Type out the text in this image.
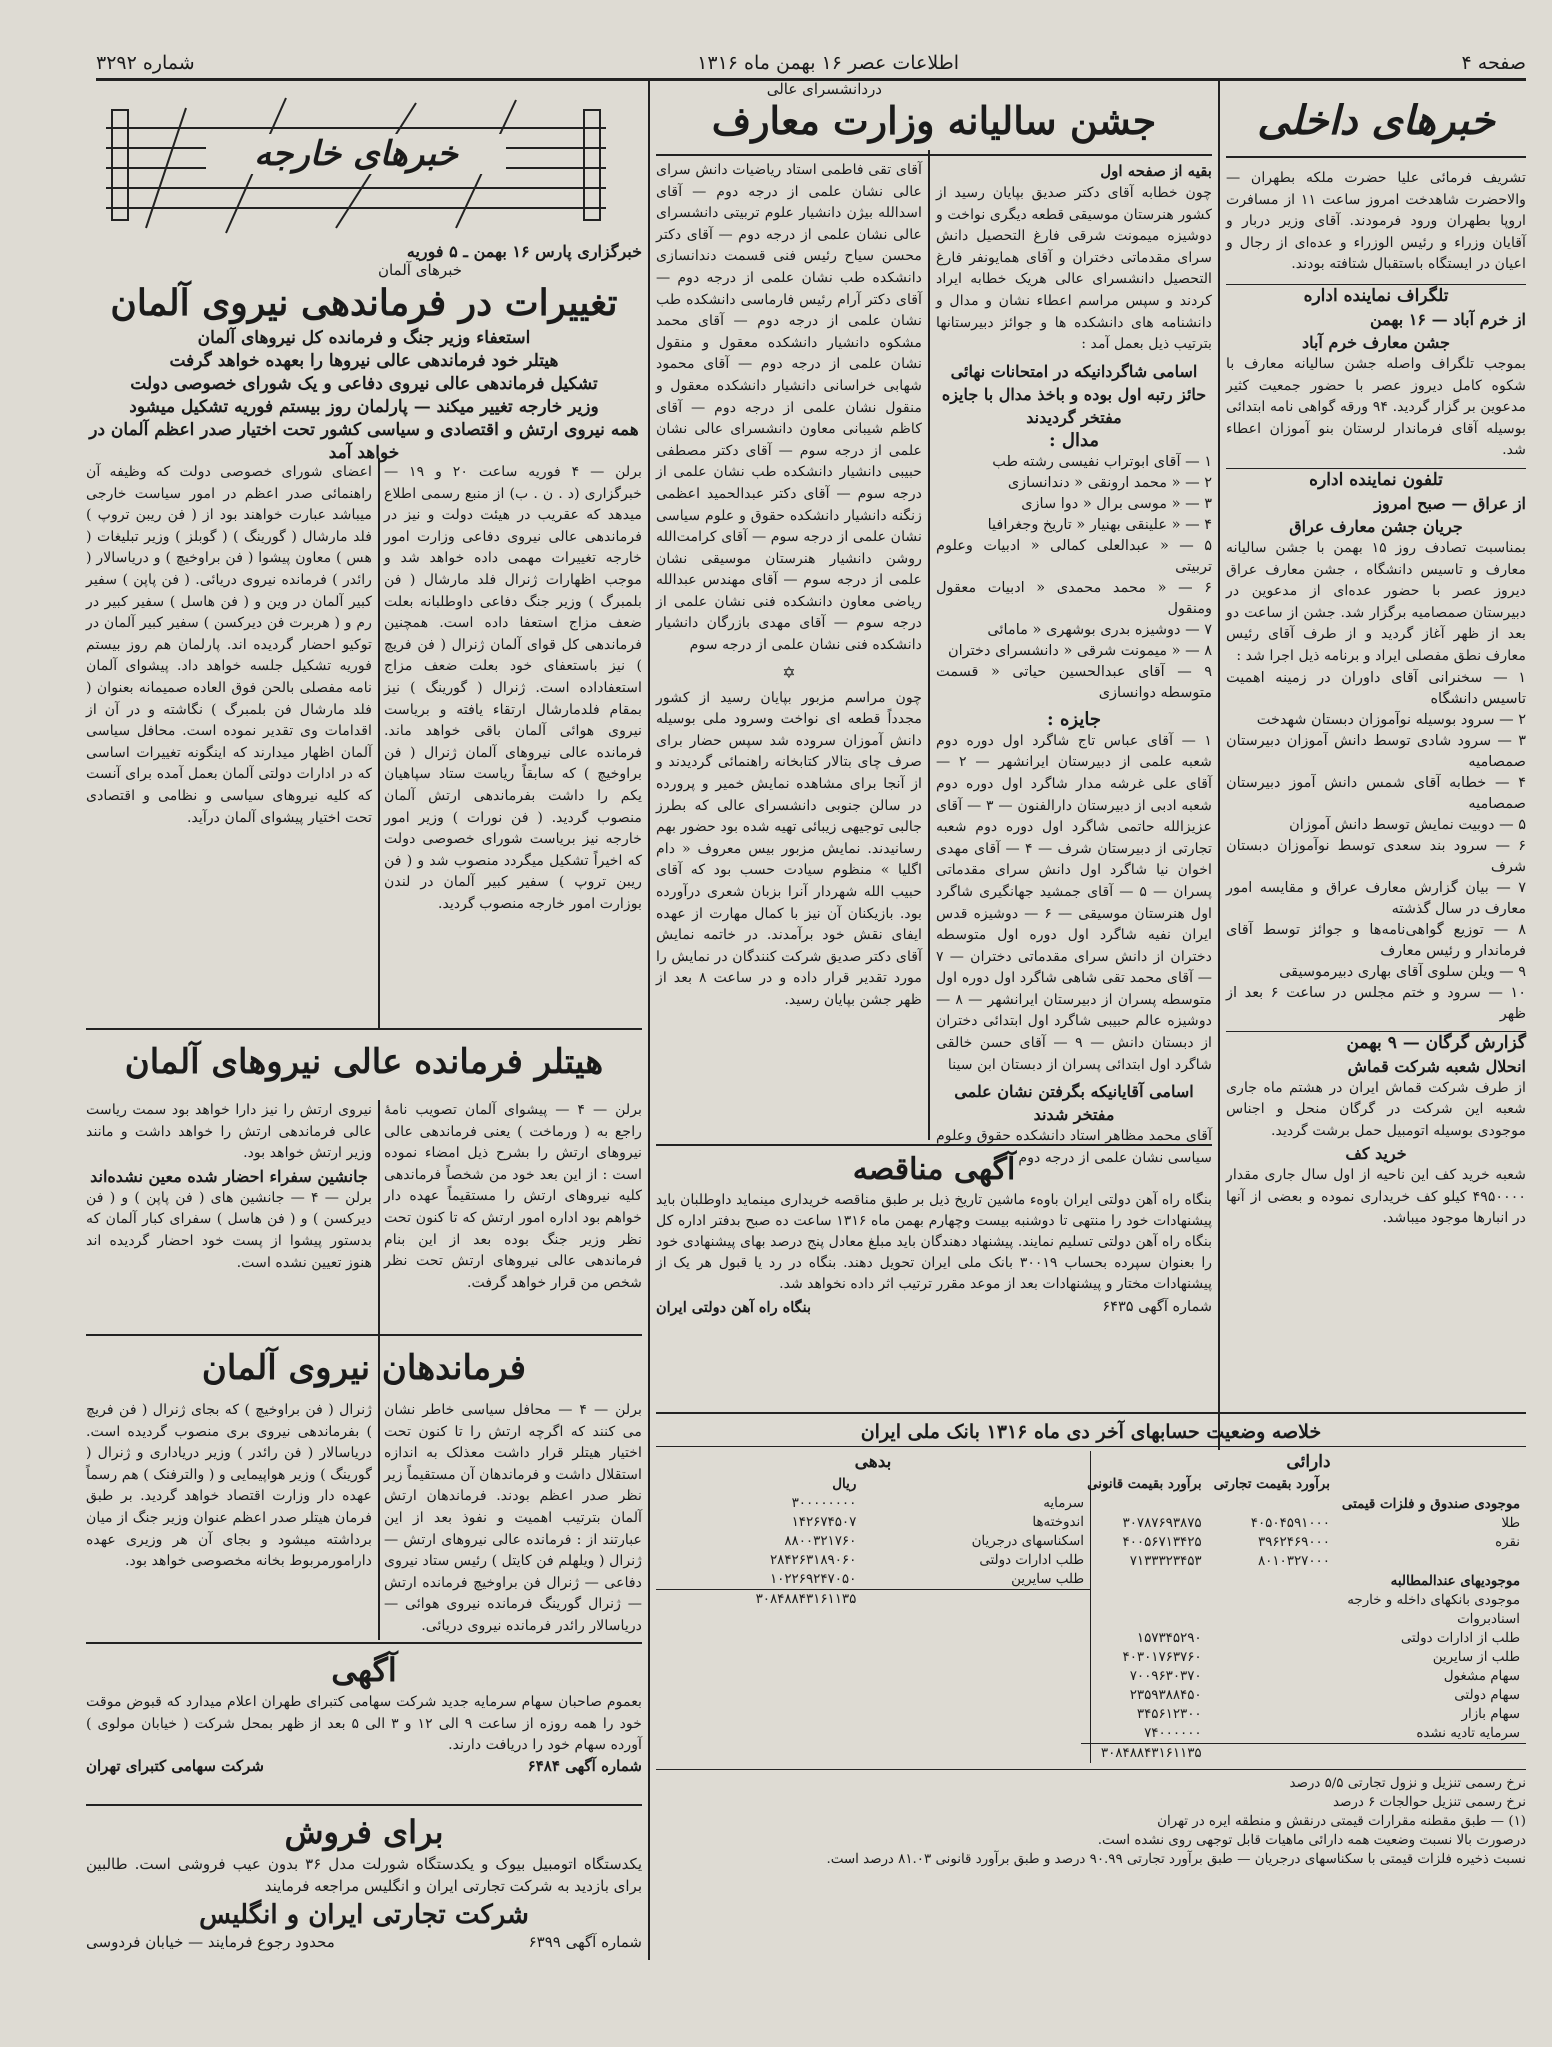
صفحه ۴
اطلاعات عصر ۱۶ بهمن ماه ۱۳۱۶
شماره ۳۲۹۲
خبرهای داخلی
تشریف فرمائی علیا حضرت ملکه بطهران — والاحضرت شاهدخت امروز ساعت ۱۱ از مسافرت اروپا بطهران ورود فرمودند. آقای وزیر دربار و آقایان وزراء و رئیس الوزراء و عده‌ای از رجال و اعیان در ایستگاه باستقبال شتافته بودند.
تلگراف نماینده اداره
از خرم آباد — ۱۶ بهمن
جشن معارف خرم آباد
بموجب تلگراف واصله جشن سالیانه معارف با شکوه کامل دیروز عصر با حضور جمعیت کثیر مدعوین بر گزار گردید. ۹۴ ورقه گواهی نامه ابتدائی بوسیله آقای فرماندار لرستان بنو آموزان اعطاء شد.
تلفون نماینده اداره
از عراق — صبح امروز
جریان جشن معارف عراق
بمناسبت تصادف روز ۱۵ بهمن با جشن سالیانه معارف و تاسیس دانشگاه ، جشن معارف عراق دیروز عصر با حضور عده‌ای از مدعوین در دبیرستان صمصامیه برگزار شد. جشن از ساعت دو بعد از ظهر آغاز گردید و از طرف آقای رئیس معارف نطق مفصلی ایراد و برنامه ذیل اجرا شد :
۱ — سخنرانی آقای داوران در زمینه اهمیت تاسیس دانشگاه
۲ — سرود بوسیله نوآموزان دبستان شهدخت
۳ — سرود شادی توسط دانش آموزان دبیرستان صمصامیه
۴ — خطابه آقای شمس دانش آموز دبیرستان صمصامیه
۵ — دوبیت نمایش توسط دانش آموزان
۶ — سرود بند سعدی توسط نوآموزان دبستان شرف
۷ — بیان گزارش معارف عراق و مقایسه امور معارف در سال گذشته
۸ — توزیع گواهی‌نامه‌ها و جوائز توسط آقای فرماندار و رئیس معارف
۹ — ویلن سلوی آقای بهاری دبیرموسیقی
۱۰ — سرود و ختم مجلس در ساعت ۶ بعد از ظهر
گزارش گرگان — ۹ بهمن
انحلال شعبه شرکت قماش
از طرف شرکت قماش ایران در هشتم ماه جاری شعبه این شرکت در گرگان منحل و اجناس موجودی بوسیله اتومبیل حمل برشت گردید.
خرید کف
شعبه خرید کف این ناحیه از اول سال جاری مقدار ۴۹۵۰۰۰۰ کیلو کف خریداری نموده و بعضی از آنها در انبارها موجود میباشد.
دردانشسرای عالی
جشن سالیانه وزارت معارف
بقیه از صفحه اول
چون خطابه آقای دکتر صدیق بپایان رسید از کشور هنرستان موسیقی قطعه دیگری نواخت و دوشیزه میمونت شرقی فارغ التحصیل دانش سرای مقدماتی دختران و آقای همایونفر فارغ التحصیل دانشسرای عالی هریک خطابه ایراد کردند و سپس مراسم اعطاء نشان و مدال و دانشنامه های دانشکده ها و جوائز دبیرستانها بترتیب ذیل بعمل آمد :
اسامی شاگردانیکه در امتحانات نهائی حائز رتبه اول بوده و باخذ مدال با جایزه مفتخر گردیدند
مدال :
۱ — آقای ابوتراب نفیسی رشته طب
۲ — « محمد ارونقی « دندانسازی
۳ — « موسی برال « دوا سازی
۴ — « علینقی بهنیار « تاریخ وجغرافیا
۵ — « عبدالعلی کمالی « ادبیات وعلوم تربیتی
۶ — « محمد محمدی « ادبیات معقول ومنقول
۷ — دوشیزه بدری بوشهری « مامائی
۸ — « میمونت شرقی « دانشسرای دختران
۹ — آقای عبدالحسین حیاتی « قسمت متوسطه دوانسازی
جایزه :
۱ — آقای عباس تاج شاگرد اول دوره دوم شعبه علمی از دبیرستان ایرانشهر — ۲ — آقای علی غرشه مدار شاگرد اول دوره دوم شعبه ادبی از دبیرستان دارالفنون — ۳ — آقای عزیزالله حاتمی شاگرد اول دوره دوم شعبه تجارتی از دبیرستان شرف — ۴ — آقای مهدی اخوان نیا شاگرد اول دانش سرای مقدماتی پسران — ۵ — آقای جمشید جهانگیری شاگرد اول هنرستان موسیقی — ۶ — دوشیزه قدس ایران نفیه شاگرد اول دوره اول متوسطه دختران از دانش سرای مقدماتی دختران — ۷ — آقای محمد تقی شاهی شاگرد اول دوره اول متوسطه پسران از دبیرستان ایرانشهر — ۸ — دوشیزه عالم حبیبی شاگرد اول ابتدائی دختران از دبستان دانش — ۹ — آقای حسن خالقی شاگرد اول ابتدائی پسران از دبستان ابن سینا
اسامی آقایانیکه بگرفتن نشان علمی مفتخر شدند
آقای محمد مظاهر استاد دانشکده حقوق وعلوم سیاسی نشان علمی از درجه دوم
آقای تقی فاطمی استاد ریاضیات دانش سرای عالی نشان علمی از درجه دوم — آقای اسدالله بیژن دانشیار علوم تربیتی دانشسرای عالی نشان علمی از درجه دوم — آقای دکتر محسن سیاح رئیس فنی قسمت دندانسازی دانشکده طب نشان علمی از درجه دوم — آقای دکتر آرام رئیس فارماسی دانشکده طب نشان علمی از درجه دوم — آقای محمد مشکوه دانشیار دانشکده معقول و منقول نشان علمی از درجه دوم — آقای محمود شهابی خراسانی دانشیار دانشکده معقول و منقول نشان علمی از درجه دوم — آقای کاظم شیبانی معاون دانشسرای عالی نشان علمی از درجه سوم — آقای دکتر مصطفی حبیبی دانشیار دانشکده طب نشان علمی از درجه سوم — آقای دکتر عبدالحمید اعظمی زنگنه دانشیار دانشکده حقوق و علوم سیاسی نشان علمی از درجه سوم — آقای کرامت‌الله روشن دانشیار هنرستان موسیقی نشان علمی از درجه سوم — آقای مهندس عبدالله ریاضی معاون دانشکده فنی نشان علمی از درجه سوم — آقای مهدی بازرگان دانشیار دانشکده فنی نشان علمی از درجه سوم
✡
چون مراسم مزبور بپایان رسید از کشور مجدداً قطعه ای نواخت وسرود ملی بوسیله دانش آموزان سروده شد سپس حضار برای صرف چای بتالار کتابخانه راهنمائی گردیدند و از آنجا برای مشاهده نمایش خمیر و پرورده در سالن جنوبی دانشسرای عالی که بطرز جالبی توجیهی زیبائی تهیه شده بود حضور بهم رسانیدند. نمایش مزبور بیس معروف « دام اگلیا » منظوم سیادت حسب بود که آقای حبیب الله شهردار آنرا بزبان شعری درآورده بود. بازیکنان آن نیز با کمال مهارت از عهده ایفای نقش خود برآمدند. در خاتمه نمایش آقای دکتر صدیق شرکت کنندگان در نمایش را مورد تقدیر قرار داده و در ساعت ۸ بعد از ظهر جشن بپایان رسید.
آگهی مناقصه
بنگاه راه آهن دولتی ایران باوهء ماشین تاریخ ذیل بر طبق مناقصه خریداری مینماید داوطلبان باید پیشنهادات خود را منتهی تا دوشنبه بیست وچهارم بهمن ماه ۱۳۱۶ ساعت ده صبح بدفتر اداره کل بنگاه راه آهن دولتی تسلیم نمایند. پیشنهاد دهندگان باید مبلغ معادل پنج درصد بهای پیشنهادی خود را بعنوان سپرده بحساب ۳۰۰۱۹ بانک ملی ایران تحویل دهند. بنگاه در رد یا قبول هر یک از پیشنهادات مختار و پیشنهادات بعد از موعد مقرر ترتیب اثر داده نخواهد شد.
شماره آگهی ۶۴۳۵
بنگاه راه آهن دولتی ایران
خلاصه وضعیت حسابهای آخر دی ماه ۱۳۱۶ بانک ملی ایران
دارائی
	برآورد بقیمت تجارتی	برآورد بقیمت قانونی
موجودی صندوق و فلزات قیمتی		
طلا	۴۰۵۰۴۵۹۱۰۰۰	۳۰۷۸۷۶۹۳۸۷۵
نقره	۳۹۶۲۴۶۹۰۰۰	۴۰۰۵۶۷۱۳۴۲۵
	۸۰۱۰۳۲۷۰۰۰	۷۱۳۳۳۲۳۴۵۳
موجودیهای عندالمطالبه		
موجودی بانکهای داخله و خارجه		
اسنادبروات		
طلب از ادارات دولتی		۱۵۷۳۴۵۲۹۰
طلب از سایرین		۴۰۳۰۱۷۶۳۷۶۰
سهام مشغول		۷۰۰۹۶۳۰۳۷۰
سهام دولتی		۲۳۵۹۳۸۸۴۵۰
سهام بازار		۳۴۵۶۱۲۳۰۰
سرمایه تادیه نشده		۷۴۰۰۰۰۰۰
		۳۰۸۴۸۸۴۳۱۶۱۱۳۵
بدهی
	ریال
سرمایه	۳۰۰۰۰۰۰۰۰
اندوخته‌ها	۱۴۲۶۷۴۵۰۷
اسکناسهای درجریان	۸۸۰۰۳۲۱۷۶۰
طلب ادارات دولتی	۲۸۴۲۶۳۱۸۹۰۶۰
طلب سایرین	۱۰۲۲۶۹۲۴۷۰۵۰
	۳۰۸۴۸۸۴۳۱۶۱۱۳۵
نرخ رسمی تنزیل و نزول تجارتی ۵/۵ درصد
نرخ رسمی تنزیل حوالجات ۶ درصد
(۱) — طبق مقطنه مقرارات قیمتی درنقش و منطقه ایره در تهران
درصورت بالا نسبت وضعیت همه دارائی ماهیات قابل توجهی روی نشده است.
نسبت ذخیره فلزات قیمتی با سکناسهای درجریان — طبق برآورد تجارتی ۹۰.۹۹ درصد و طبق برآورد قانونی ۸۱.۰۳ درصد است.
خبرهای خارجه
خبرگزاری پارس ۱۶ بهمن ـ ۵ فوریه
خبرهای آلمان
تغییرات در فرماندهی نیروی آلمان
استعفاء وزیر جنگ و فرمانده کل نیروهای آلمان
هیتلر خود فرماندهی عالی نیروها را بعهده خواهد گرفت
تشکیل فرماندهی عالی نیروی دفاعی و یک شورای خصوصی دولت
وزیر خارجه تغییر میکند — پارلمان روز بیستم فوریه تشکیل میشود
همه نیروی ارتش و اقتصادی و سیاسی کشور تحت اختیار صدر اعظم آلمان در خواهد آمد
برلن — ۴ فوریه ساعت ۲۰ و ۱۹ — خبرگزاری (د . ن . ب) از منبع رسمی اطلاع میدهد که عقریب در هیئت دولت و نیز در فرماندهی عالی نیروی دفاعی وزارت امور خارجه تغییرات مهمی داده خواهد شد و موجب اظهارات ژنرال فلد مارشال ( فن بلمبرگ ) وزیر جنگ دفاعی داوطلبانه بعلت ضعف مزاج استعفا داده است. همچنین فرماندهی کل قوای آلمان ژنرال ( فن فریچ ) نیز باستعفای خود بعلت ضعف مزاج استعفاداده است. ژنرال ( گورینگ ) نیز بمقام فلدمارشال ارتقاء یافته و بریاست نیروی هوائی آلمان باقی خواهد ماند. فرمانده عالی نیروهای آلمان ژنرال ( فن براوخیچ ) که سابقاً ریاست ستاد سپاهیان یکم را داشت بفرماندهی ارتش آلمان منصوب گردید. ( فن نورات ) وزیر امور خارجه نیز بریاست شورای خصوصی دولت که اخیراً تشکیل میگردد منصوب شد و ( فن ریبن تروپ ) سفیر کبیر آلمان در لندن بوزارت امور خارجه منصوب گردید.
اعضای شورای خصوصی دولت که وظیفه آن راهنمائی صدر اعظم در امور سیاست خارجی میباشد عبارت خواهند بود از ( فن ریبن تروپ ) فلد مارشال ( گورینگ ) ( گوبلز ) وزیر تبلیغات ( هس ) معاون پیشوا ( فن براوخیچ ) و دریاسالار ( رائدر ) فرمانده نیروی دریائی. ( فن پاپن ) سفیر کبیر آلمان در وین و ( فن هاسل ) سفیر کبیر در رم و ( هربرت فن دیرکسن ) سفیر کبیر آلمان در توکیو احضار گردیده اند. پارلمان هم روز بیستم فوریه تشکیل جلسه خواهد داد. پیشوای آلمان نامه مفصلی بالحن فوق العاده صمیمانه بعنوان ( فلد مارشال فن بلمبرگ ) نگاشته و در آن از اقدامات وی تقدیر نموده است. محافل سیاسی آلمان اظهار میدارند که اینگونه تغییرات اساسی که در ادارات دولتی آلمان بعمل آمده برای آنست که کلیه نیروهای سیاسی و نظامی و اقتصادی تحت اختیار پیشوای آلمان درآید.
هیتلر فرمانده عالی نیروهای آلمان
برلن — ۴ — پیشوای آلمان تصویب نامهٔ راجع به ( ورماخت ) یعنی فرماندهی عالی نیروهای ارتش را بشرح ذیل امضاء نموده است : از این بعد خود من شخصاً فرماندهی کلیه نیروهای ارتش را مستقیماً عهده دار خواهم بود اداره امور ارتش که تا کنون تحت نظر وزیر جنگ بوده بعد از این بنام فرماندهی عالی نیروهای ارتش تحت نظر شخص من قرار خواهد گرفت.
نیروی ارتش را نیز دارا خواهد بود سمت ریاست عالی فرماندهی ارتش را خواهد داشت و مانند وزیر ارتش خواهد بود.
جانشین سفراء احضار شده معین نشده‌اند
برلن — ۴ — جانشین های ( فن پاپن ) و ( فن دیرکسن ) و ( فن هاسل ) سفرای کبار آلمان که بدستور پیشوا از پست خود احضار گردیده اند هنوز تعیین نشده است.
فرماندهان نیروی آلمان
برلن — ۴ — محافل سیاسی خاطر نشان می کنند که اگرچه ارتش را تا کنون تحت اختیار هیتلر قرار داشت معذلک به اندازه استقلال داشت و فرماندهان آن مستقیماً زیر نظر صدر اعظم بودند. فرماندهان ارتش آلمان بترتیب اهمیت و نفوذ بعد از این عبارتند از : فرمانده عالی نیروهای ارتش — ژنرال ( ویلهلم فن کایتل ) رئیس ستاد نیروی دفاعی — ژنرال فن براوخیچ فرمانده ارتش — ژنرال گورینگ فرمانده نیروی هوائی — دریاسالار رائدر فرمانده نیروی دریائی.
ژنرال ( فن براوخیچ ) که بجای ژنرال ( فن فریچ ) بفرماندهی نیروی بری منصوب گردیده است. دریاسالار ( فن رائدر ) وزیر دریاداری و ژنرال ( گورینگ ) وزیر هواپیمایی و ( والترفنک ) هم رسماً عهده دار وزارت اقتصاد خواهد گردید. بر طبق فرمان هیتلر صدر اعظم عنوان وزیر جنگ از میان برداشته میشود و بجای آن هر وزیری عهده دارامورمربوط بخانه مخصوصی خواهد بود.
آگهی
بعموم صاحبان سهام سرمایه جدید شرکت سهامی کتبرای طهران اعلام میدارد که قبوض موقت خود را همه روزه از ساعت ۹ الی ۱۲ و ۳ الی ۵ بعد از ظهر بمحل شرکت ( خیابان مولوی ) آورده سهام خود را دریافت دارند.
شماره آگهی ۶۴۸۴
شرکت سهامی کتبرای تهران
برای فروش
یکدستگاه اتومبیل بیوک و یکدستگاه شورلت مدل ۳۶ بدون عیب فروشی است. طالبین برای بازدید به شرکت تجارتی ایران و انگلیس مراجعه فرمایند
شرکت تجارتی ایران و انگلیس
شماره آگهی ۶۳۹۹
محدود رجوع فرمایند — خیابان فردوسی
